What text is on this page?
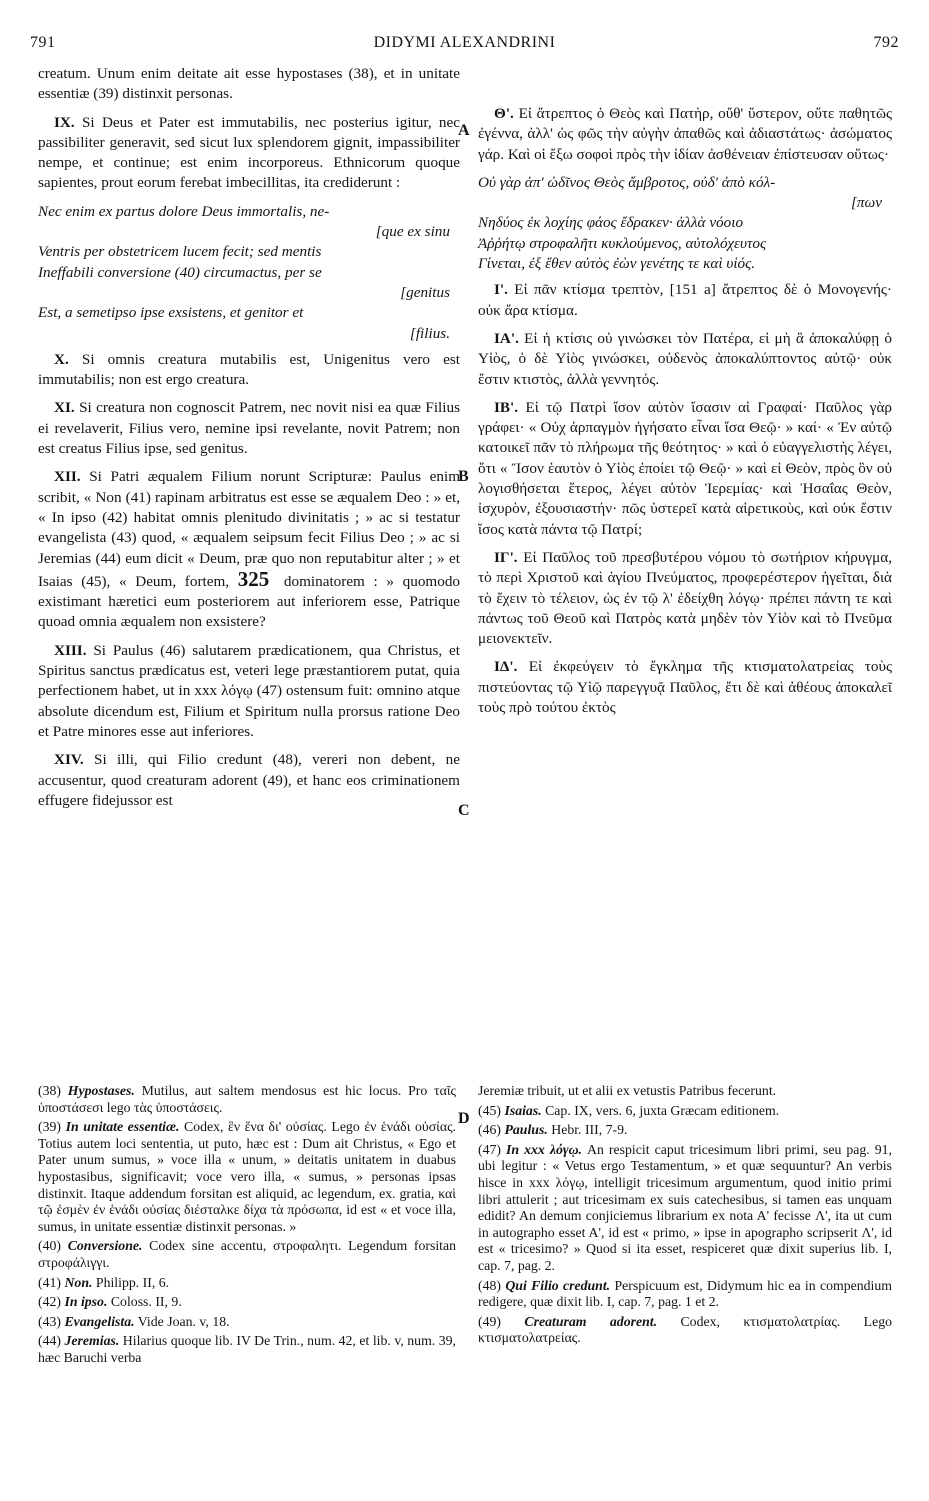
791	DIDYMI ALEXANDRINI	792
A
B
C
D

creatum. Unum enim deitate ait esse hypostases (38), et in unitate essentiæ (39) distinxit personas.

IX. Si Deus et Pater est immutabilis, nec posterius igitur, nec passibiliter generavit, sed sicut lux splendorem gignit, impassibiliter nempe, et continue; est enim incorporeus. Ethnicorum quoque sapientes, prout eorum ferebat imbecillitas, ita crediderunt :

Nec enim ex partus dolore Deus immortalis, ne-
[que ex sinu
Ventris per obstetricem lucem fecit; sed mentis
Ineffabili conversione (40) circumactus, per se
[genitus
Est, a semetipso ipse exsistens, et genitor et
[filius.

X. Si omnis creatura mutabilis est, Unigenitus vero est immutabilis; non est ergo creatura.

XI. Si creatura non cognoscit Patrem, nec novit nisi ea quæ Filius ei revelaverit, Filius vero, nemine ipsi revelante, novit Patrem; non est creatus Filius ipse, sed genitus.

XII. Si Patri æqualem Filium norunt Scripturæ: Paulus enim scribit, « Non (41) rapinam arbitratus est esse se æqualem Deo : » et, « In ipso (42) habitat omnis plenitudo divinitatis ; » ac si testatur evangelista (43) quod, « æqualem seipsum fecit Filius Deo ; » ac si Jeremias (44) eum dicit « Deum, præ quo non reputabitur alter ; » et Isaias (45), « Deum, fortem, 325 dominatorem : » quomodo existimant hæretici eum posteriorem aut inferiorem esse, Patrique quoad omnia æqualem non exsistere?

XIII. Si Paulus (46) salutarem prædicationem, qua Christus, et Spiritus sanctus prædicatus est, veteri lege præstantiorem putat, quia perfectionem habet, ut in xxx λόγῳ (47) ostensum fuit: omnino atque absolute dicendum est, Filium et Spiritum nulla prorsus ratione Deo et Patre minores esse aut inferiores.

XIV. Si illi, qui Filio credunt (48), vereri non debent, ne accusentur, quod creaturam adorent (49), et hanc eos criminationem effugere fidejussor est

Θ'. Εἰ ἄτρεπτος ὁ Θεὸς καὶ Πατὴρ, οὔθ' ὕστερον, οὔτε παθητῶς ἐγέννα, ἀλλ' ὡς φῶς τὴν αὐγὴν ἀπαθῶς καὶ ἀδιαστάτως· ἀσώματος γάρ. Καὶ οἱ ἔξω σοφοὶ πρὸς τὴν ἰδίαν ἀσθένειαν ἐπίστευσαν οὕτως·

Οὐ γὰρ ἀπ' ὠδῖνος Θεὸς ἄμβροτος, οὐδ' ἀπὸ κόλ-
[πων
Νηδύος ἐκ λοχίης φάος ἔδρακεν· ἀλλὰ νόοιο
Ἀῤῥήτῳ στροφαλῆτι κυκλούμενος, αὐτολόχευτος
Γίνεται, ἐξ ἕθεν αὐτὸς ἐὼν γενέτης τε καὶ υἱός.

Ι'. Εἰ πᾶν κτίσμα τρεπτὸν, [151 a] ἄτρεπτος δὲ ὁ Μονογενής· οὐκ ἄρα κτίσμα.

ΙΑ'. Εἰ ἡ κτίσις οὐ γινώσκει τὸν Πατέρα, εἰ μὴ ἃ ἀποκαλύφῃ ὁ Υἱὸς, ὁ δὲ Υἱὸς γινώσκει, οὐδενὸς ἀποκαλύπτοντος αὐτῷ· οὐκ ἔστιν κτιστὸς, ἀλλὰ γεννητός.

ΙΒ'. Εἰ τῷ Πατρὶ ἴσον αὐτὸν ἴσασιν αἱ Γραφαί· Παῦλος γὰρ γράφει· « Οὐχ ἁρπαγμὸν ἡγήσατο εἶναι ἴσα Θεῷ· » καί· « Ἐν αὐτῷ κατοικεῖ πᾶν τὸ πλήρωμα τῆς θεότητος· » καὶ ὁ εὐαγγελιστὴς λέγει, ὅτι « Ἴσον ἑαυτὸν ὁ Υἱὸς ἐποίει τῷ Θεῷ· » καὶ εἰ Θεὸν, πρὸς ὃν οὐ λογισθήσεται ἕτερος, λέγει αὐτὸν Ἱερεμίας· καὶ Ἡσαΐας Θεὸν, ἰσχυρὸν, ἐξουσιαστήν· πῶς ὑστερεῖ κατὰ αἱρετικοὺς, καὶ οὐκ ἔστιν ἴσος κατὰ πάντα τῷ Πατρί;

ΙΓ'. Εἰ Παῦλος τοῦ πρεσβυτέρου νόμου τὸ σωτήριον κήρυγμα, τὸ περὶ Χριστοῦ καὶ ἁγίου Πνεύματος, προφερέστερον ἡγεῖται, διὰ τὸ ἔχειν τὸ τέλειον, ὡς ἐν τῷ λ' ἐδείχθη λόγῳ· πρέπει πάντη τε καὶ πάντως τοῦ Θεοῦ καὶ Πατρὸς κατὰ μηδὲν τὸν Υἱὸν καὶ τὸ Πνεῦμα μειονεκτεῖν.

ΙΔ'. Εἰ ἐκφεύγειν τὸ ἔγκλημα τῆς κτισματολατρείας τοὺς πιστεύοντας τῷ Υἱῷ παρεγγυᾷ Παῦλος, ἔτι δὲ καὶ ἀθέους ἀποκαλεῖ τοὺς πρὸ τούτου ἐκτὸς

(38) Hypostases. Mutilus, aut saltem mendosus est hic locus. Pro ταῖς ὑποστάσεσι lego τὰς ὑποστάσεις.

(39) In unitate essentiæ. Codex, ἓν ἕνα δι' οὐσίας. Lego ἐν ἑνάδι οὐσίας. Totius autem loci sententia, ut puto, hæc est : Dum ait Christus, « Ego et Pater unum sumus, » voce illa « unum, » deitatis unitatem in duabus hypostasibus, significavit; voce vero illa, « sumus, » personas ipsas distinxit. Itaque addendum forsitan est aliquid, ac legendum, ex. gratia, καὶ τῷ ἐσμὲν ἐν ἑνάδι οὐσίας διέσταλκε δίχα τὰ πρόσωπα, id est « et voce illa, sumus, in unitate essentiæ distinxit personas. »

(40) Conversione. Codex sine accentu, στροφαλητι. Legendum forsitan στροφάλιγγι.

(41) Non. Philipp. II, 6.

(42) In ipso. Coloss. II, 9.

(43) Evangelista. Vide Joan. v, 18.

(44) Jeremias. Hilarius quoque lib. IV De Trin., num. 42, et lib. v, num. 39, hæc Baruchi verba

Jeremiæ tribuit, ut et alii ex vetustis Patribus fecerunt.

(45) Isaias. Cap. IX, vers. 6, juxta Græcam editionem.

(46) Paulus. Hebr. III, 7-9.

(47) In xxx λόγῳ. An respicit caput tricesimum libri primi, seu pag. 91, ubi legitur : « Vetus ergo Testamentum, » et quæ sequuntur? An verbis hisce in xxx λόγῳ, intelligit tricesimum argumentum, quod initio primi libri attulerit ; aut tricesimam ex suis catechesibus, si tamen eas unquam edidit? An demum conjiciemus librarium ex nota A' fecisse Λ', ita ut cum in autographo esset A', id est « primo, » ipse in apographo scripserit Λ', id est « tricesimo? » Quod si ita esset, respiceret quæ dixit superius lib. I, cap. 7, pag. 2.

(48) Qui Filio credunt. Perspicuum est, Didymum hic ea in compendium redigere, quæ dixit lib. I, cap. 7, pag. 1 et 2.

(49) Creaturam adorent. Codex, κτισματολατρίας. Lego κτισματολατρείας.
